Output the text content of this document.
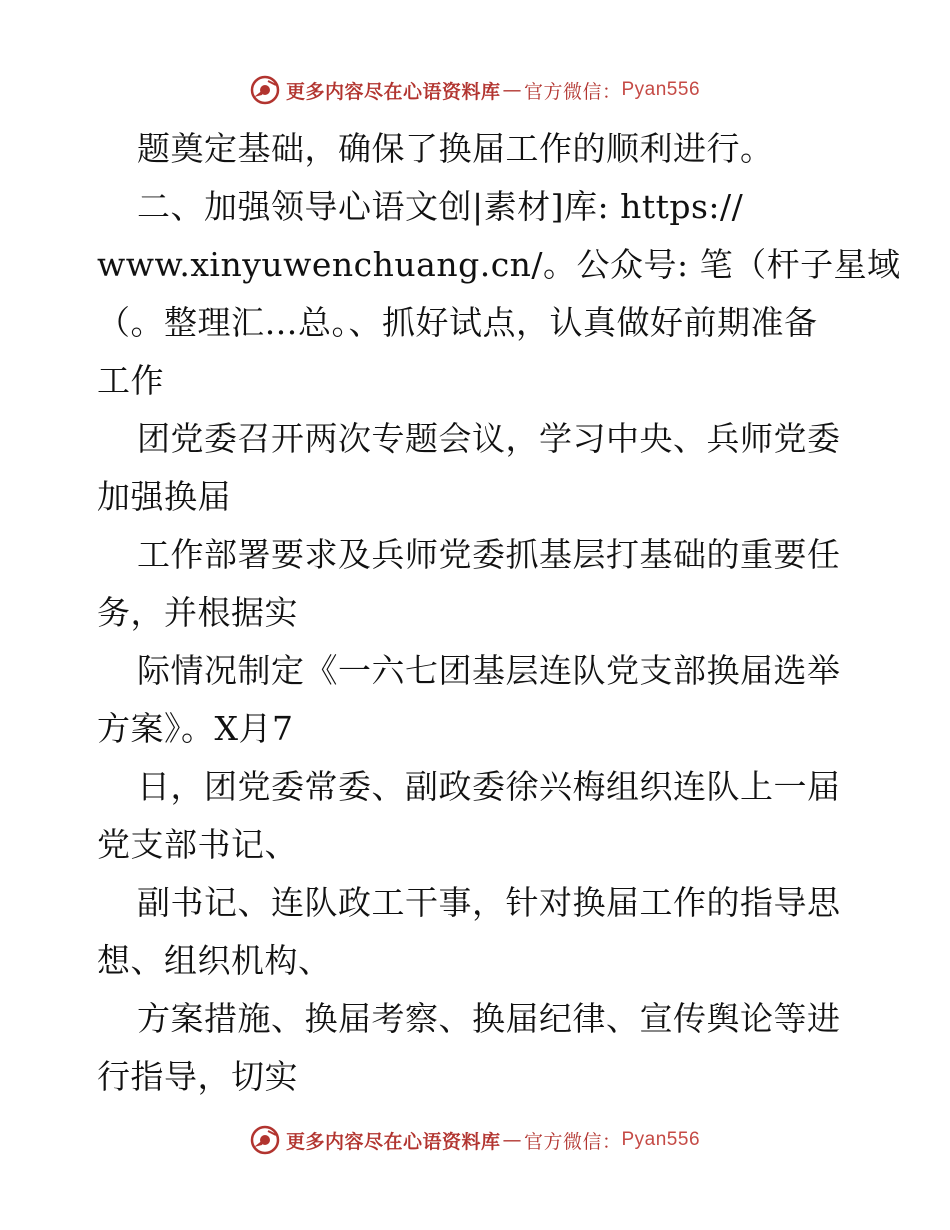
更多内容尽在心语资料库 — 官方微信： Pyan556
题奠定基础，确保了换届工作的顺利进行。
二、加强领导心语文创|素材]库: https://
www.xinyuwenchuang.cn/。公众号: 笔（杆子星域
（。整理汇…总。、抓好试点，认真做好前期准备
工作
团党委召开两次专题会议，学习中央、兵师党委
加强换届
工作部署要求及兵师党委抓基层打基础的重要任
务，并根据实
际情况制定《一六七团基层连队党支部换届选举
方案》。X月7
日，团党委常委、副政委徐兴梅组织连队上一届
党支部书记、
副书记、连队政工干事，针对换届工作的指导思
想、组织机构、
方案措施、换届考察、换届纪律、宣传舆论等进
行指导，切实
更多内容尽在心语资料库 — 官方微信： Pyan556
